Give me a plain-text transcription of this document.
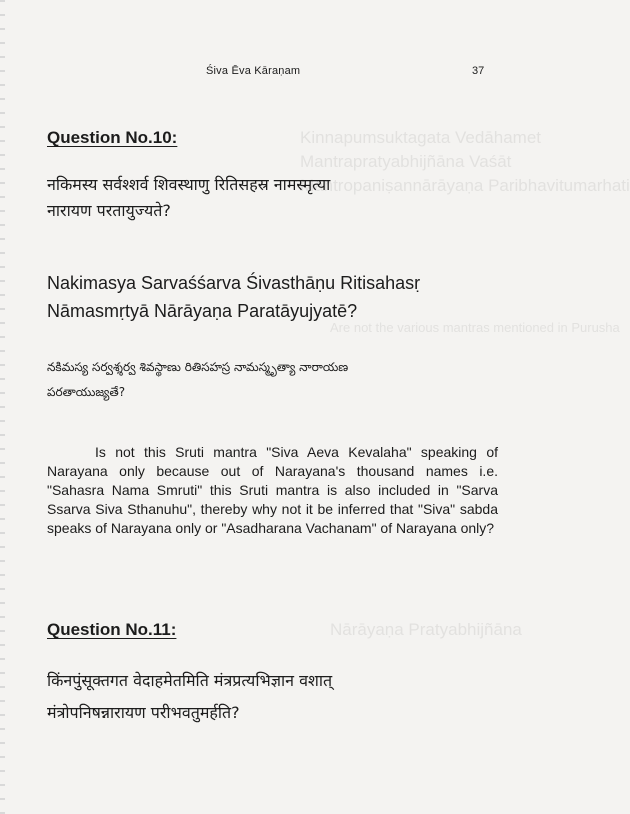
Kinnapumsuktagata Vedāhamet
Mantrapratyabhijñāna Vaśāt
Mantropaniṣannārāyaṇa Paribhavitumarhati
Are not the various mantras mentioned in Purusha
Nārāyaṇa Pratyabhijñāna
Śiva Ēva Kāraṇam	37
Question No.10:
नकिमस्य सर्वश्शर्व शिवस्थाणु रितिसहस्र नामस्मृत्या
नारायण परतायुज्यते?
Nakimasya Sarvaśśarva Śivasthāṇu Ritisahasṛ
Nāmasmṛtyā Nārāyaṇa Paratāyujyatē?
నకిమస్య సర్వశ్శర్వ శివస్థాణు రితిసహస్ర నామస్మృత్యా నారాయణ
పరతాయుజ్యతే?
Is not this Sruti mantra "Siva Aeva Kevalaha" speaking of Narayana only because out of Narayana's thousand names i.e. "Sahasra Nama Smruti" this Sruti mantra is also included in "Sarva Ssarva Siva Sthanuhu", thereby why not it be inferred that "Siva" sabda speaks of Narayana only or "Asadharana Vachanam" of Narayana only?
Question No.11:
किंनपुंसूक्तगत वेदाहमेतमिति मंत्रप्रत्यभिज्ञान वशात्
मंत्रोपनिषन्नारायण परीभवतुमर्हति?
